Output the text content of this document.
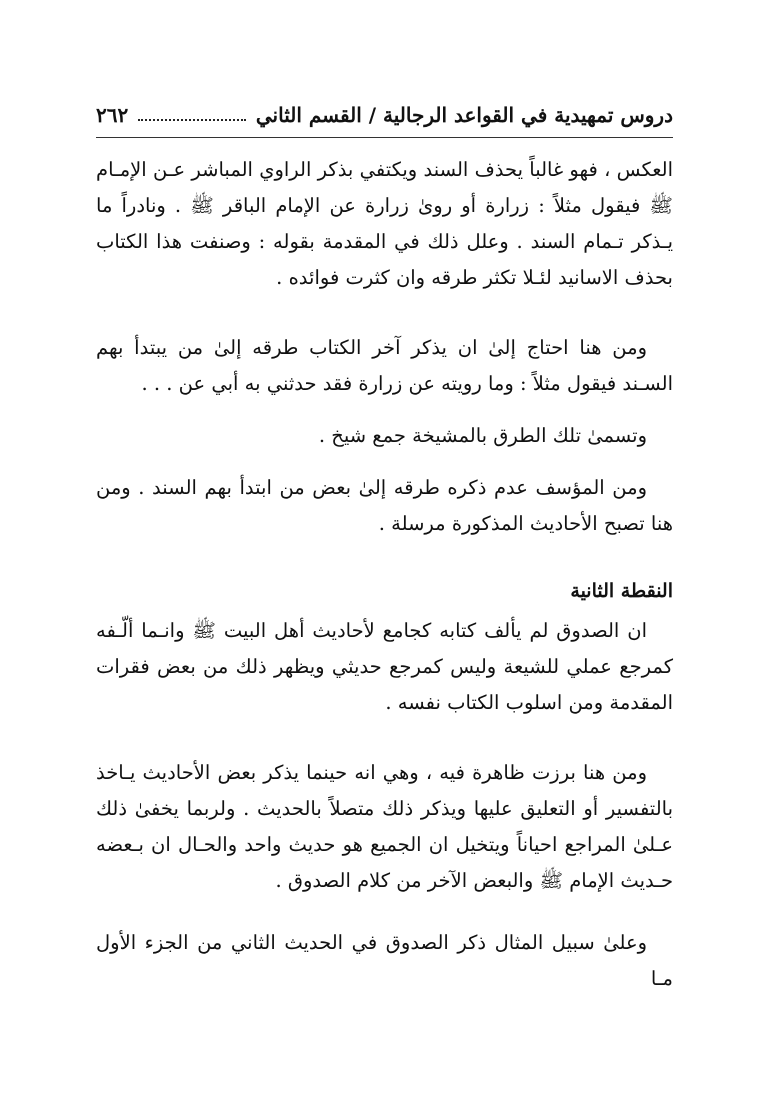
دروس تمهيدية في القواعد الرجالية / القسم الثاني
٢٦٢

العكس ، فهو غالباً يحذف السند ويكتفي بذكر الراوي المباشر عـن الإمـام ﷺ فيقول مثلاً : زرارة أو روىٰ زرارة عن الإمام الباقر ﷺ . ونادراً ما يـذكر تـمام السند . وعلل ذلك في المقدمة بقوله : وصنفت هذا الكتاب بحذف الاسانيد لئـلا تكثر طرقه وان كثرت فوائده .

ومن هنا احتاج إلىٰ ان يذكر آخر الكتاب طرقه إلىٰ من يبتدأ بهم السـند فيقول مثلاً : وما رويته عن زرارة فقد حدثني به أبي عن . . .

وتسمىٰ تلك الطرق بالمشيخة جمع شيخ .

ومن المؤسف عدم ذكره طرقه إلىٰ بعض من ابتدأ بهم السند . ومن هنا تصبح الأحاديث المذكورة مرسلة .

النقطة الثانية

ان الصدوق لم يألف كتابه كجامع لأحاديث أهل البيت ﷺ وانـما ألّـفه كمرجع عملي للشيعة وليس كمرجع حديثي ويظهر ذلك من بعض فقرات المقدمة ومن اسلوب الكتاب نفسه .

ومن هنا برزت ظاهرة فيه ، وهي انه حينما يذكر بعض الأحاديث يـاخذ بالتفسير أو التعليق عليها ويذكر ذلك متصلاً بالحديث . ولربما يخفىٰ ذلك عـلىٰ المراجع احياناً ويتخيل ان الجميع هو حديث واحد والحـال ان بـعضه حـديث الإمام ﷺ والبعض الآخر من كلام الصدوق .

وعلىٰ سبيل المثال ذكر الصدوق في الحديث الثاني من الجزء الأول مـا
